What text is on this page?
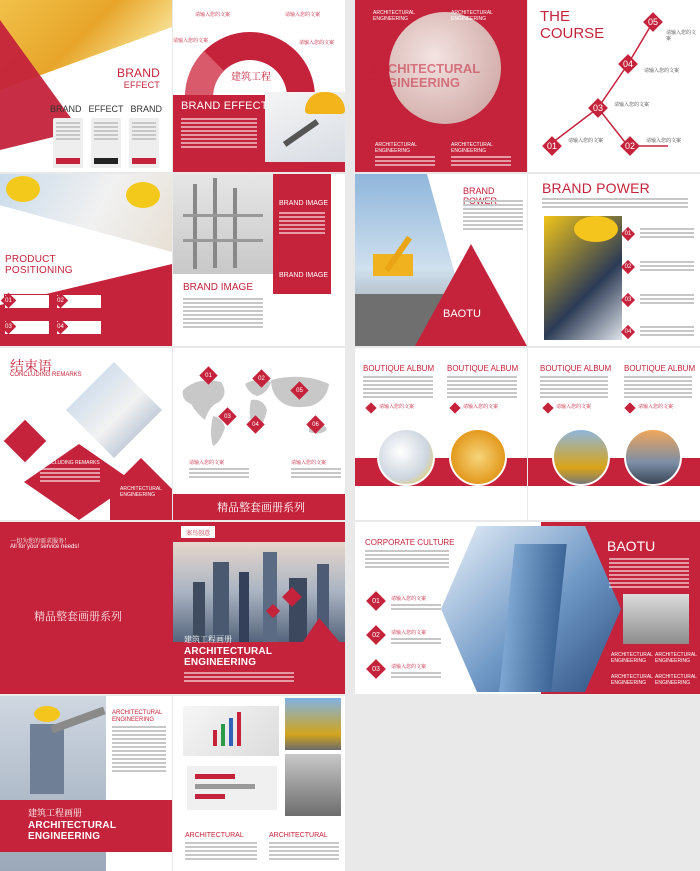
BRAND
EFFECT
BRAND EFFECT BRAND
建筑工程
请输入您的文案
请输入您的文案
请输入您的文案
请输入您的文案
BRAND EFFECT
ARCHITECTURAL
ENGINEERING
ARCHITECTURAL
ENGINEERING
ARCHITECTURAL
ENGINEERING
ARCHITECTURAL
ENGINEERING
ARCHITECTURAL
ENGINEERING
THE
COURSE
05
请输入您的文案
04
请输入您的文案
03	请输入您的文案
02	请输入您的文案
01	请输入您的文案
PRODUCT
POSITIONING
01	02
03	04
BRAND IMAGE
BRAND IMAGE
BRAND IMAGE
BRAND
BAOTU
BRAND POWER
01
02
03
04
结束语
CONCLUDING REMARKS
CONCLUDING REMARKS
ARCHITECTURAL
ENGINEERING
01	02
03
04
05
06
请输入您的文案	请输入您的文案
精品整套画册系列
BOUTIQUE ALBUM BOUTIQUE ALBUM
请输入您的文案	请输入您的文案
BOUTIQUE ALBUM BOUTIQUE ALBUM
请输入您的文案	请输入您的文案
一切为您的需求服务！
All for your service needs!
精品整套画册系列
塞鸟创意
建筑工程画册
ARCHITECTURAL
ENGINEERING
CORPORATE CULTURE
01	请输入您的文案
02	请输入您的文案
03	请输入您的文案
BAOTU
ARCHITECTURAL
ENGINEERING
ARCHITECTURAL
ENGINEERING
ARCHITECTURAL
ENGINEERING
ARCHITECTURAL
ENGINEERING
ARCHITECTURAL
ENGINEERING
建筑工程画册
ARCHITECTURAL
ENGINEERING	ARCHITECTURAL	ARCHITECTURAL
